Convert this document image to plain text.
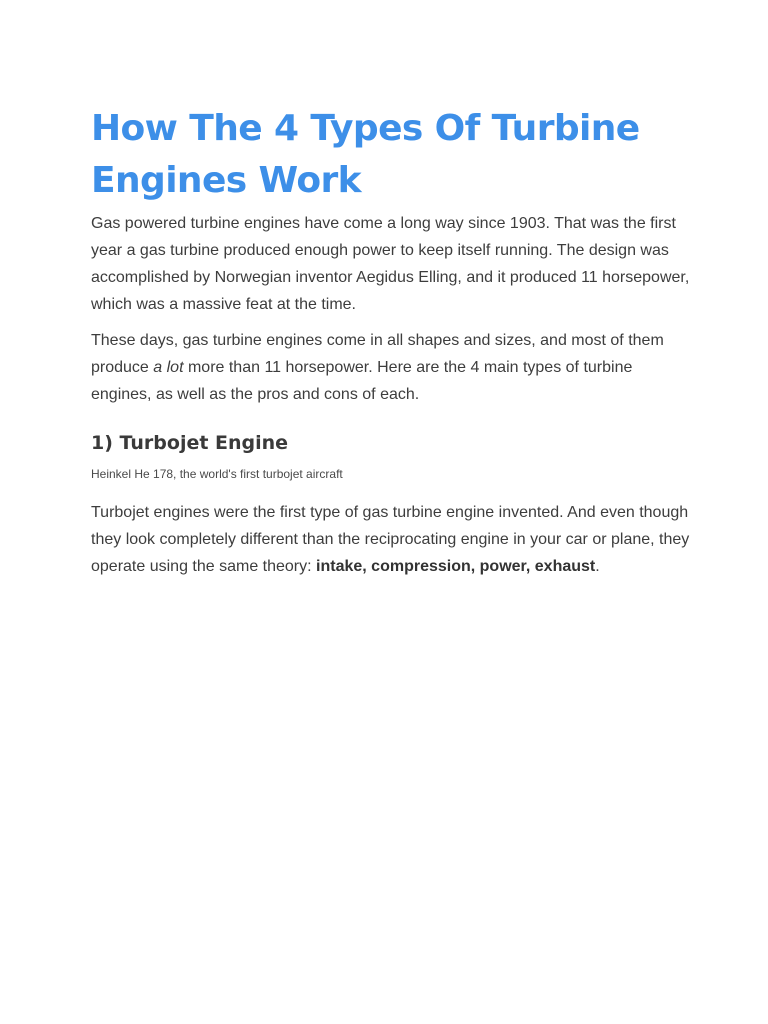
How The 4 Types Of Turbine Engines Work

Gas powered turbine engines have come a long way since 1903. That was the first year a gas turbine produced enough power to keep itself running. The design was accomplished by Norwegian inventor Aegidus Elling, and it produced 11 horsepower, which was a massive feat at the time.

These days, gas turbine engines come in all shapes and sizes, and most of them produce a lot more than 11 horsepower. Here are the 4 main types of turbine engines, as well as the pros and cons of each.

1) Turbojet Engine

Heinkel He 178, the world's first turbojet aircraft

Turbojet engines were the first type of gas turbine engine invented. And even though they look completely different than the reciprocating engine in your car or plane, they operate using the same theory: intake, compression, power, exhaust.
